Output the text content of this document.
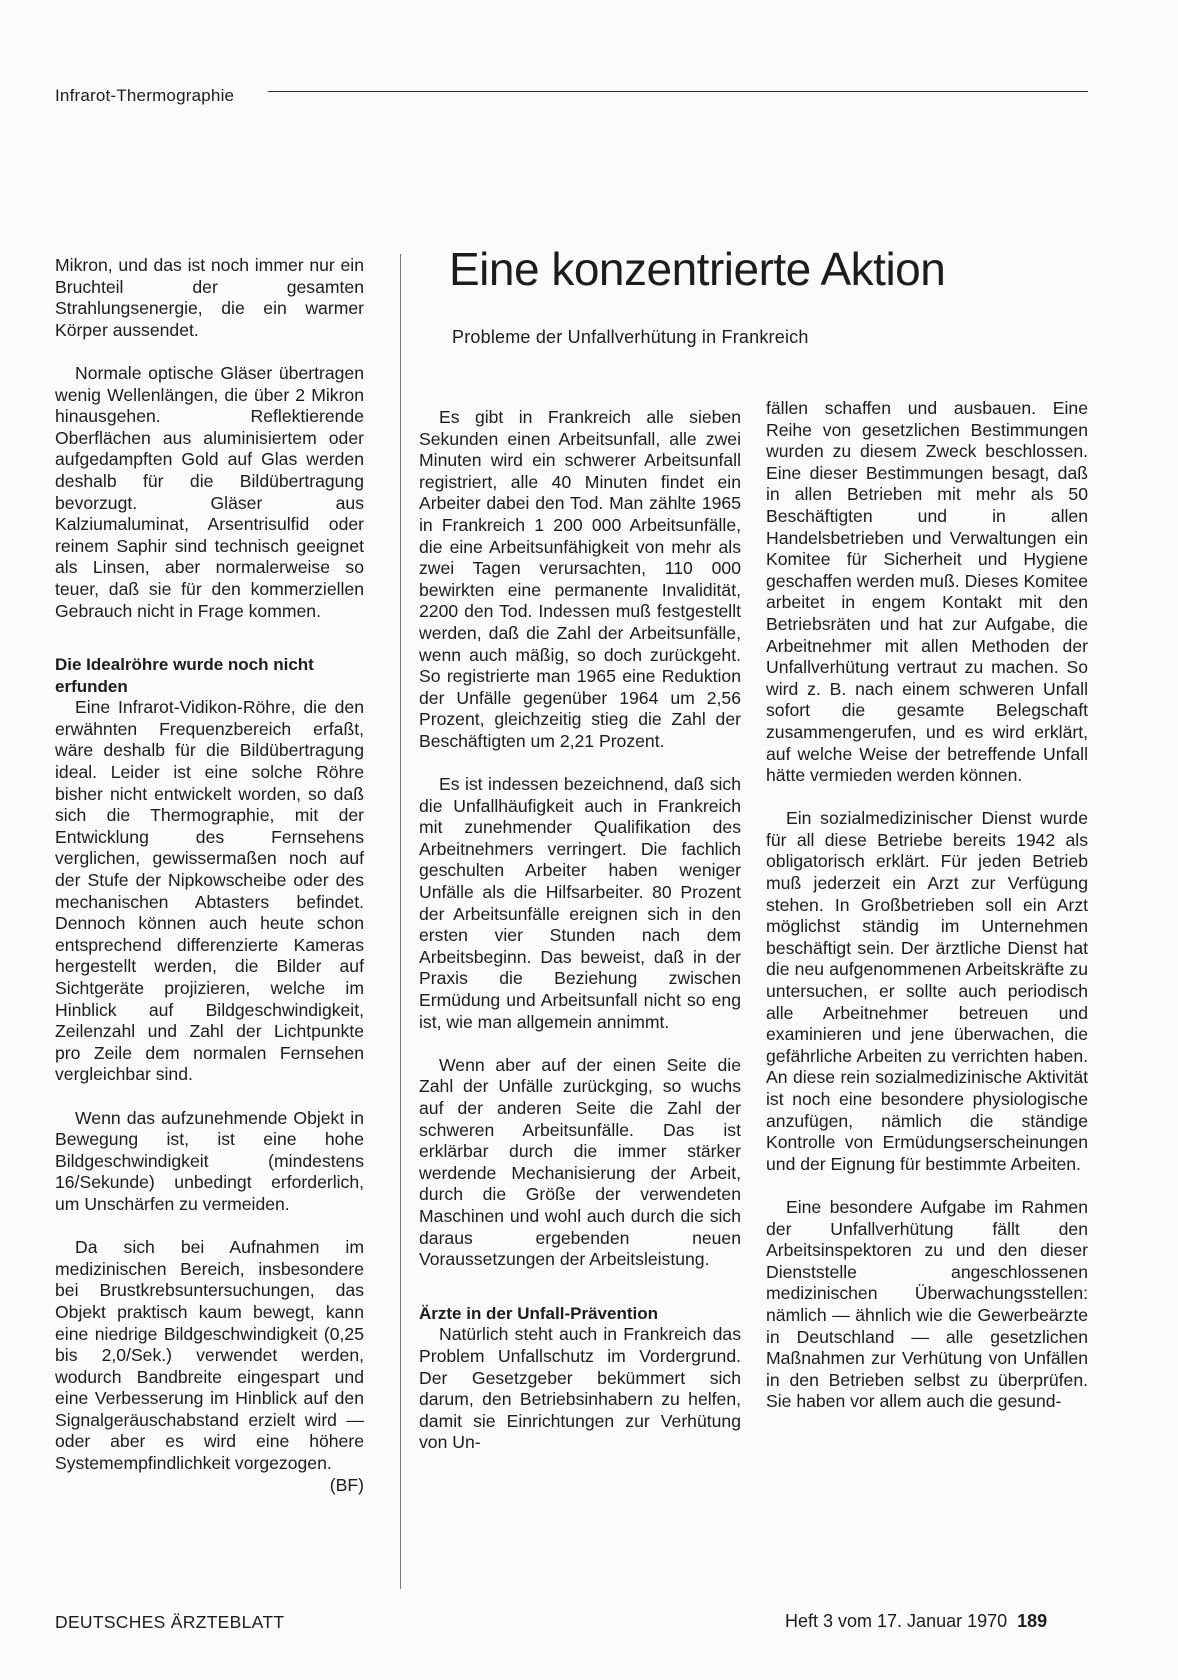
Infrarot-Thermographie

Mikron, und das ist noch immer nur ein Bruchteil der gesamten Strahlungsenergie, die ein warmer Körper aussendet.

Normale optische Gläser übertragen wenig Wellenlängen, die über 2 Mikron hinausgehen. Reflektierende Oberflächen aus aluminisiertem oder aufgedampften Gold auf Glas werden deshalb für die Bildübertragung bevorzugt. Gläser aus Kalziumaluminat, Arsentrisulfid oder reinem Saphir sind technisch geeignet als Linsen, aber normalerweise so teuer, daß sie für den kommerziellen Gebrauch nicht in Frage kommen.

Die Idealröhre wurde noch nicht erfunden

Eine Infrarot-Vidikon-Röhre, die den erwähnten Frequenzbereich erfaßt, wäre deshalb für die Bildübertragung ideal. Leider ist eine solche Röhre bisher nicht entwickelt worden, so daß sich die Thermographie, mit der Entwicklung des Fernsehens verglichen, gewissermaßen noch auf der Stufe der Nipkowscheibe oder des mechanischen Abtasters befindet. Dennoch können auch heute schon entsprechend differenzierte Kameras hergestellt werden, die Bilder auf Sichtgeräte projizieren, welche im Hinblick auf Bildgeschwindigkeit, Zeilenzahl und Zahl der Lichtpunkte pro Zeile dem normalen Fernsehen vergleichbar sind.

Wenn das aufzunehmende Objekt in Bewegung ist, ist eine hohe Bildgeschwindigkeit (mindestens 16/Sekunde) unbedingt erforderlich, um Unschärfen zu vermeiden.

Da sich bei Aufnahmen im medizinischen Bereich, insbesondere bei Brustkrebsuntersuchungen, das Objekt praktisch kaum bewegt, kann eine niedrige Bildgeschwindigkeit (0,25 bis 2,0/Sek.) verwendet werden, wodurch Bandbreite eingespart und eine Verbesserung im Hinblick auf den Signalgeräuschabstand erzielt wird — oder aber es wird eine höhere Systemempfindlichkeit vorgezogen.
(BF)

Eine konzentrierte Aktion
Probleme der Unfallverhütung in Frankreich

Es gibt in Frankreich alle sieben Sekunden einen Arbeitsunfall, alle zwei Minuten wird ein schwerer Arbeitsunfall registriert, alle 40 Minuten findet ein Arbeiter dabei den Tod. Man zählte 1965 in Frankreich 1 200 000 Arbeitsunfälle, die eine Arbeitsunfähigkeit von mehr als zwei Tagen verursachten, 110 000 bewirkten eine permanente Invalidität, 2200 den Tod. Indessen muß festgestellt werden, daß die Zahl der Arbeitsunfälle, wenn auch mäßig, so doch zurückgeht. So registrierte man 1965 eine Reduktion der Unfälle gegenüber 1964 um 2,56 Prozent, gleichzeitig stieg die Zahl der Beschäftigten um 2,21 Prozent.

Es ist indessen bezeichnend, daß sich die Unfallhäufigkeit auch in Frankreich mit zunehmender Qualifikation des Arbeitnehmers verringert. Die fachlich geschulten Arbeiter haben weniger Unfälle als die Hilfsarbeiter. 80 Prozent der Arbeitsunfälle ereignen sich in den ersten vier Stunden nach dem Arbeitsbeginn. Das beweist, daß in der Praxis die Beziehung zwischen Ermüdung und Arbeitsunfall nicht so eng ist, wie man allgemein annimmt.

Wenn aber auf der einen Seite die Zahl der Unfälle zurückging, so wuchs auf der anderen Seite die Zahl der schweren Arbeitsunfälle. Das ist erklärbar durch die immer stärker werdende Mechanisierung der Arbeit, durch die Größe der verwendeten Maschinen und wohl auch durch die sich daraus ergebenden neuen Voraussetzungen der Arbeitsleistung.

Ärzte in der Unfall-Prävention

Natürlich steht auch in Frankreich das Problem Unfallschutz im Vordergrund. Der Gesetzgeber bekümmert sich darum, den Betriebsinhabern zu helfen, damit sie Einrichtungen zur Verhütung von Un-

fällen schaffen und ausbauen. Eine Reihe von gesetzlichen Bestimmungen wurden zu diesem Zweck beschlossen. Eine dieser Bestimmungen besagt, daß in allen Betrieben mit mehr als 50 Beschäftigten und in allen Handelsbetrieben und Verwaltungen ein Komitee für Sicherheit und Hygiene geschaffen werden muß. Dieses Komitee arbeitet in engem Kontakt mit den Betriebsräten und hat zur Aufgabe, die Arbeitnehmer mit allen Methoden der Unfallverhütung vertraut zu machen. So wird z. B. nach einem schweren Unfall sofort die gesamte Belegschaft zusammengerufen, und es wird erklärt, auf welche Weise der betreffende Unfall hätte vermieden werden können.

Ein sozialmedizinischer Dienst wurde für all diese Betriebe bereits 1942 als obligatorisch erklärt. Für jeden Betrieb muß jederzeit ein Arzt zur Verfügung stehen. In Großbetrieben soll ein Arzt möglichst ständig im Unternehmen beschäftigt sein. Der ärztliche Dienst hat die neu aufgenommenen Arbeitskräfte zu untersuchen, er sollte auch periodisch alle Arbeitnehmer betreuen und examinieren und jene überwachen, die gefährliche Arbeiten zu verrichten haben. An diese rein sozialmedizinische Aktivität ist noch eine besondere physiologische anzufügen, nämlich die ständige Kontrolle von Ermüdungserscheinungen und der Eignung für bestimmte Arbeiten.

Eine besondere Aufgabe im Rahmen der Unfallverhütung fällt den Arbeitsinspektoren zu und den dieser Dienststelle angeschlossenen medizinischen Überwachungsstellen: nämlich — ähnlich wie die Gewerbeärzte in Deutschland — alle gesetzlichen Maßnahmen zur Verhütung von Unfällen in den Betrieben selbst zu überprüfen. Sie haben vor allem auch die gesund-

DEUTSCHES ÄRZTEBLATT	Heft 3 vom 17. Januar 1970 189
